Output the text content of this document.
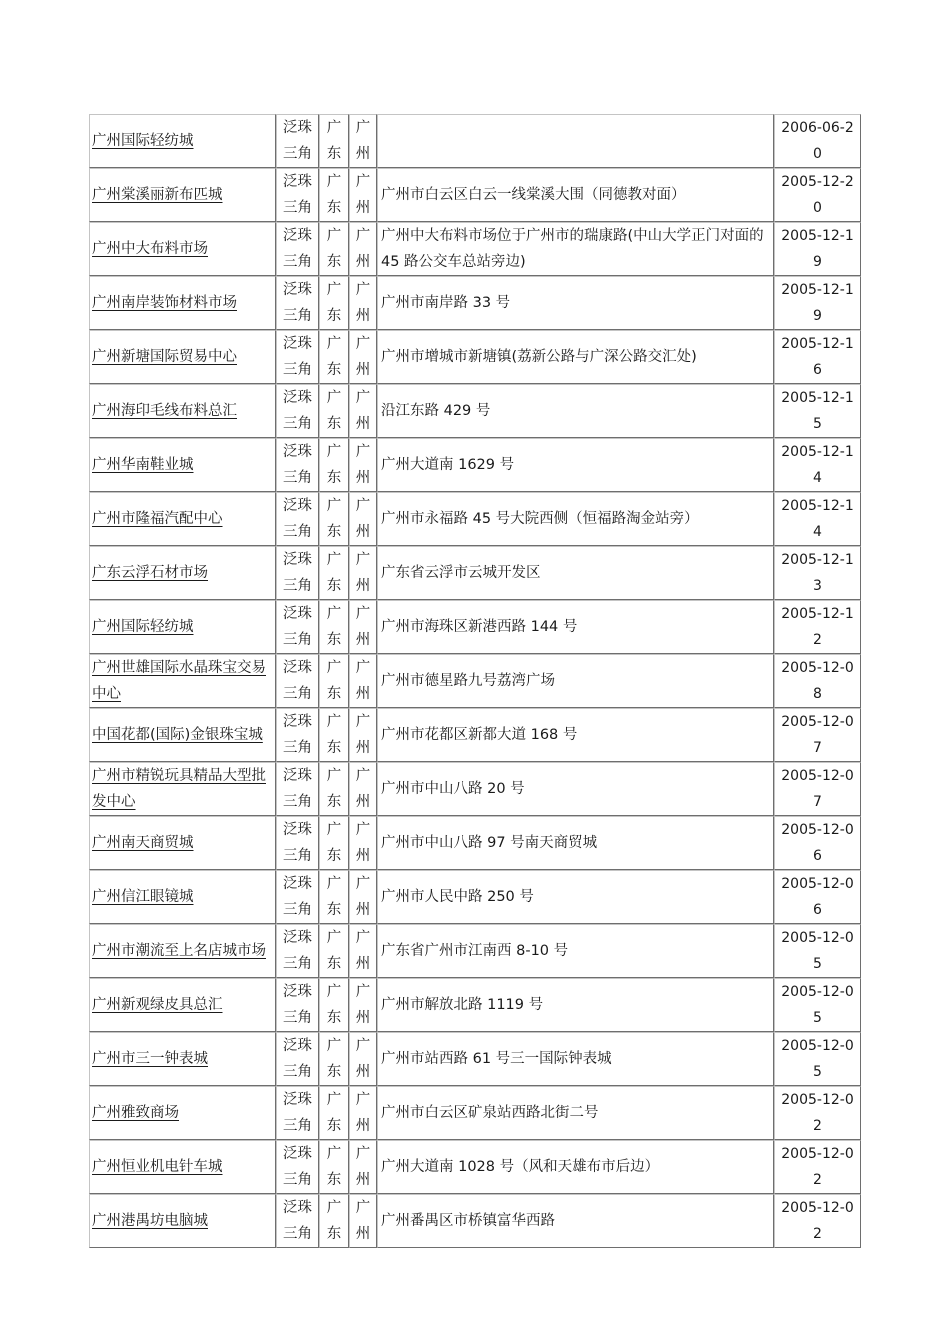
广州国际轻纺城	泛珠三角	广东	广州		2006-06-20
广州棠溪丽新布匹城	泛珠三角	广东	广州	广州市白云区白云一线棠溪大围（同德教对面）	2005-12-20
广州中大布料市场	泛珠三角	广东	广州	广州中大布料市场位于广州市的瑞康路(中山大学正门对面的 45 路公交车总站旁边)	2005-12-19
广州南岸装饰材料市场	泛珠三角	广东	广州	广州市南岸路 33 号	2005-12-19
广州新塘国际贸易中心	泛珠三角	广东	广州	广州市增城市新塘镇(荔新公路与广深公路交汇处)	2005-12-16
广州海印毛线布料总汇	泛珠三角	广东	广州	沿江东路 429 号	2005-12-15
广州华南鞋业城	泛珠三角	广东	广州	广州大道南 1629 号	2005-12-14
广州市隆福汽配中心	泛珠三角	广东	广州	广州市永福路 45 号大院西侧（恒福路淘金站旁）	2005-12-14
广东云浮石材市场	泛珠三角	广东	广州	广东省云浮市云城开发区	2005-12-13
广州国际轻纺城	泛珠三角	广东	广州	广州市海珠区新港西路 144 号	2005-12-12
广州世雄国际水晶珠宝交易中心	泛珠三角	广东	广州	广州市德星路九号荔湾广场	2005-12-08
中国花都(国际)金银珠宝城	泛珠三角	广东	广州	广州市花都区新都大道 168 号	2005-12-07
广州市精锐玩具精品大型批发中心	泛珠三角	广东	广州	广州市中山八路 20 号	2005-12-07
广州南天商贸城	泛珠三角	广东	广州	广州市中山八路 97 号南天商贸城	2005-12-06
广州信江眼镜城	泛珠三角	广东	广州	广州市人民中路 250 号	2005-12-06
广州市潮流至上名店城市场	泛珠三角	广东	广州	广东省广州市江南西 8-10 号	2005-12-05
广州新观绿皮具总汇	泛珠三角	广东	广州	广州市解放北路 1119 号	2005-12-05
广州市三一钟表城	泛珠三角	广东	广州	广州市站西路 61 号三一国际钟表城	2005-12-05
广州雅致商场	泛珠三角	广东	广州	广州市白云区矿泉站西路北街二号	2005-12-02
广州恒业机电针车城	泛珠三角	广东	广州	广州大道南 1028 号（风和天雄布市后边）	2005-12-02
广州港禺坊电脑城	泛珠三角	广东	广州	广州番禺区市桥镇富华西路	2005-12-02
